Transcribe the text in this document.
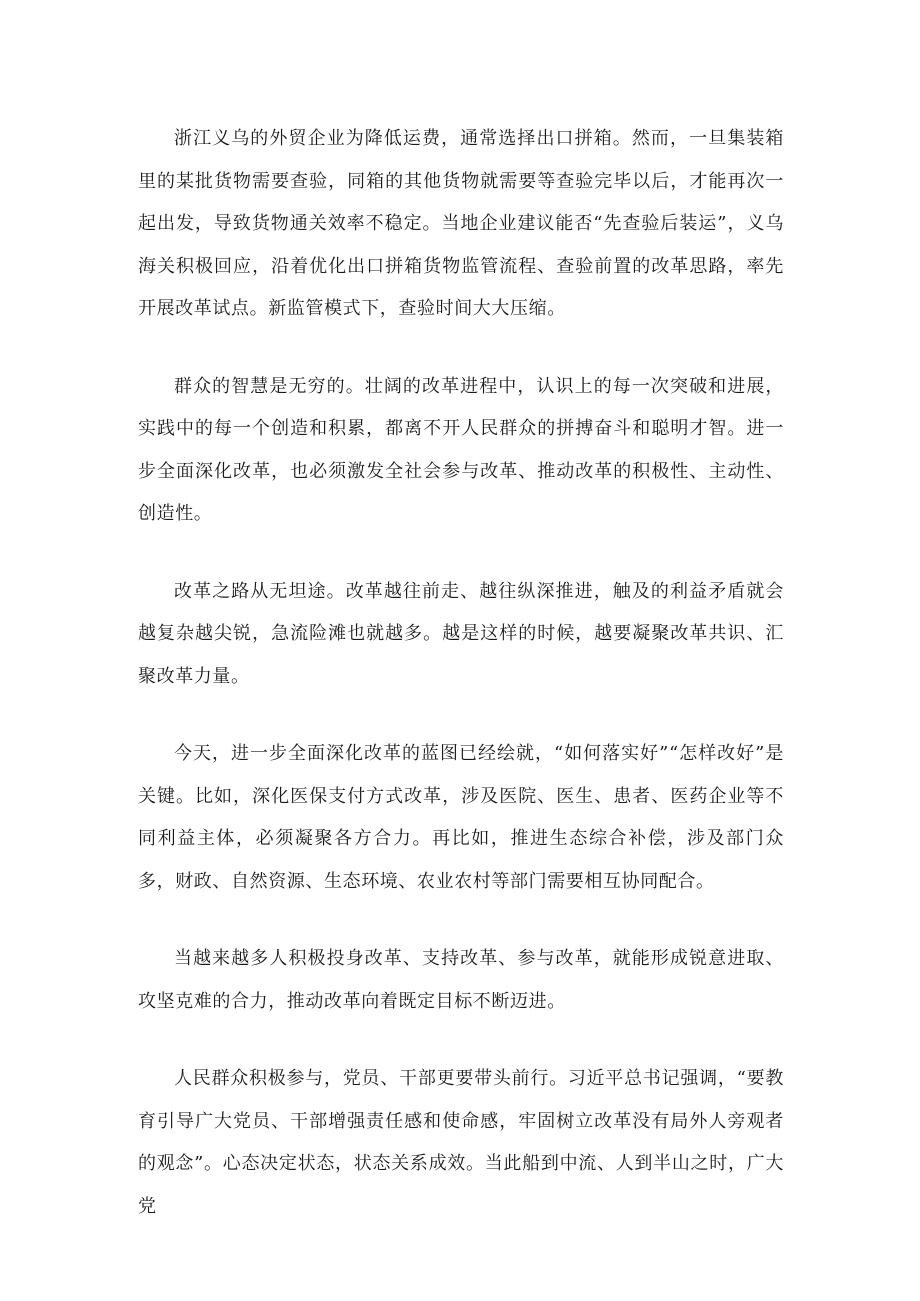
浙江义乌的外贸企业为降低运费，通常选择出口拼箱。然而，一旦集装箱里的某批货物需要查验，同箱的其他货物就需要等查验完毕以后，才能再次一起出发，导致货物通关效率不稳定。当地企业建议能否“先查验后装运”，义乌海关积极回应，沿着优化出口拼箱货物监管流程、查验前置的改革思路，率先开展改革试点。新监管模式下，查验时间大大压缩。

群众的智慧是无穷的。壮阔的改革进程中，认识上的每一次突破和进展，实践中的每一个创造和积累，都离不开人民群众的拼搏奋斗和聪明才智。进一步全面深化改革，也必须激发全社会参与改革、推动改革的积极性、主动性、创造性。

改革之路从无坦途。改革越往前走、越往纵深推进，触及的利益矛盾就会越复杂越尖锐，急流险滩也就越多。越是这样的时候，越要凝聚改革共识、汇聚改革力量。

今天，进一步全面深化改革的蓝图已经绘就，“如何落实好”“怎样改好”是关键。比如，深化医保支付方式改革，涉及医院、医生、患者、医药企业等不同利益主体，必须凝聚各方合力。再比如，推进生态综合补偿，涉及部门众多，财政、自然资源、生态环境、农业农村等部门需要相互协同配合。

当越来越多人积极投身改革、支持改革、参与改革，就能形成锐意进取、攻坚克难的合力，推动改革向着既定目标不断迈进。

人民群众积极参与，党员、干部更要带头前行。习近平总书记强调，“要教育引导广大党员、干部增强责任感和使命感，牢固树立改革没有局外人旁观者的观念”。心态决定状态，状态关系成效。当此船到中流、人到半山之时，广大党
